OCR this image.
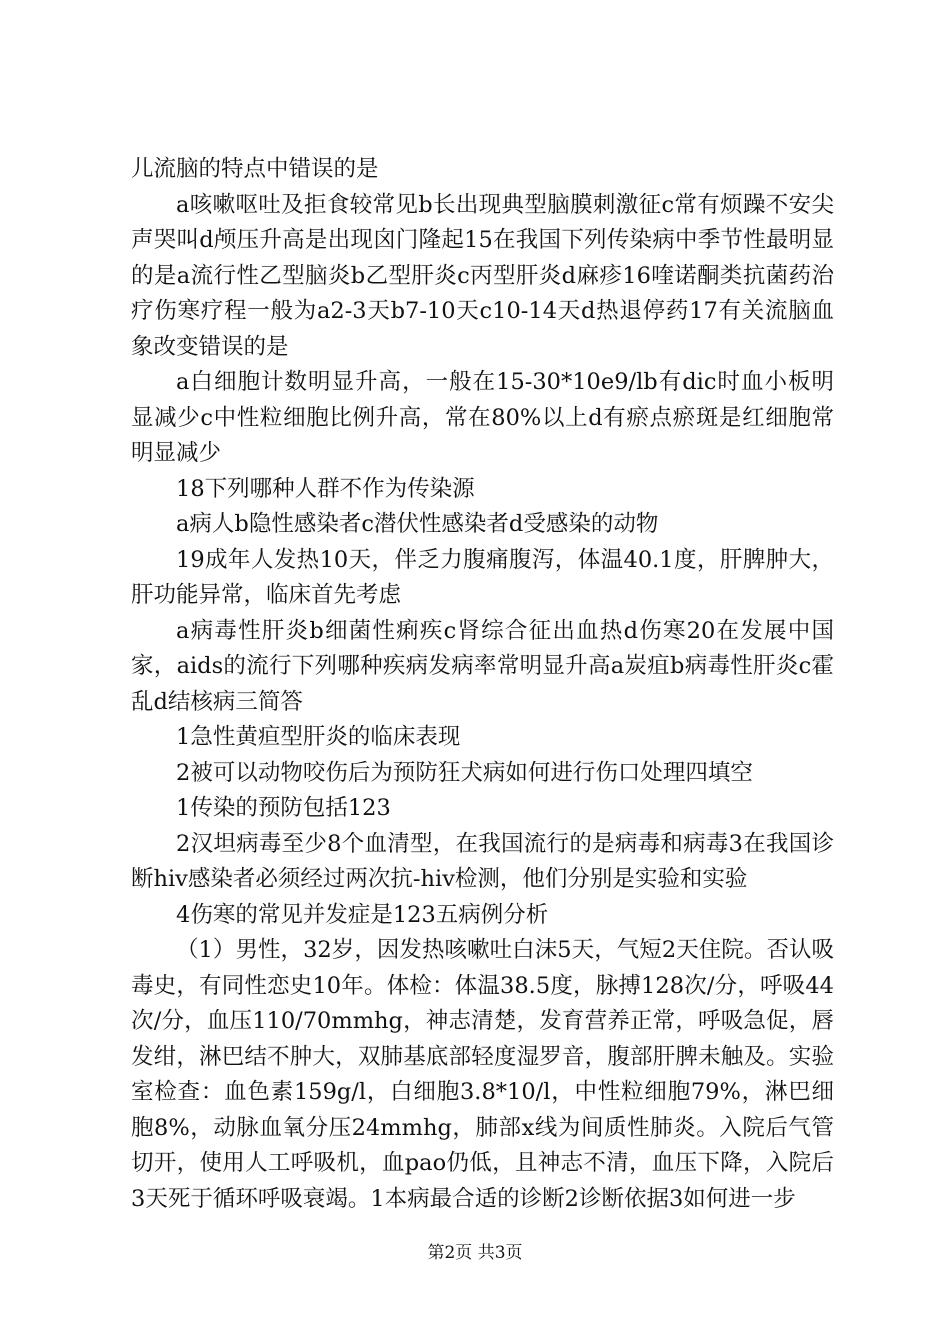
儿流脑的特点中错误的是

a咳嗽呕吐及拒食较常见b长出现典型脑膜刺激征c常有烦躁不安尖声哭叫d颅压升高是出现囟门隆起15在我国下列传染病中季节性最明显的是a流行性乙型脑炎b乙型肝炎c丙型肝炎d麻疹16喹诺酮类抗菌药治疗伤寒疗程一般为a2-3天b7-10天c10-14天d热退停药17有关流脑血象改变错误的是

a白细胞计数明显升高，一般在15-30*10e9/lb有dic时血小板明显减少c中性粒细胞比例升高，常在80%以上d有瘀点瘀斑是红细胞常明显减少

18下列哪种人群不作为传染源

a病人b隐性感染者c潜伏性感染者d受感染的动物

19成年人发热10天，伴乏力腹痛腹泻，体温40.1度，肝脾肿大，肝功能异常，临床首先考虑

a病毒性肝炎b细菌性痢疾c肾综合征出血热d伤寒20在发展中国家，aids的流行下列哪种疾病发病率常明显升高a炭疽b病毒性肝炎c霍乱d结核病三简答

1急性黄疸型肝炎的临床表现

2被可以动物咬伤后为预防狂犬病如何进行伤口处理四填空

1传染的预防包括123

2汉坦病毒至少8个血清型，在我国流行的是病毒和病毒3在我国诊断hiv感染者必须经过两次抗-hiv检测，他们分别是实验和实验

4伤寒的常见并发症是123五病例分析

（1）男性，32岁，因发热咳嗽吐白沫5天，气短2天住院。否认吸毒史，有同性恋史10年。体检：体温38.5度，脉搏128次/分，呼吸44次/分，血压110/70mmhg，神志清楚，发育营养正常，呼吸急促，唇发绀，淋巴结不肿大，双肺基底部轻度湿罗音，腹部肝脾未触及。实验室检查：血色素159g/l，白细胞3.8*10/l，中性粒细胞79%，淋巴细胞8%，动脉血氧分压24mmhg，肺部x线为间质性肺炎。入院后气管切开，使用人工呼吸机，血pao仍低，且神志不清，血压下降，入院后3天死于循环呼吸衰竭。1本病最合适的诊断2诊断依据3如何进一步

第2页 共3页
